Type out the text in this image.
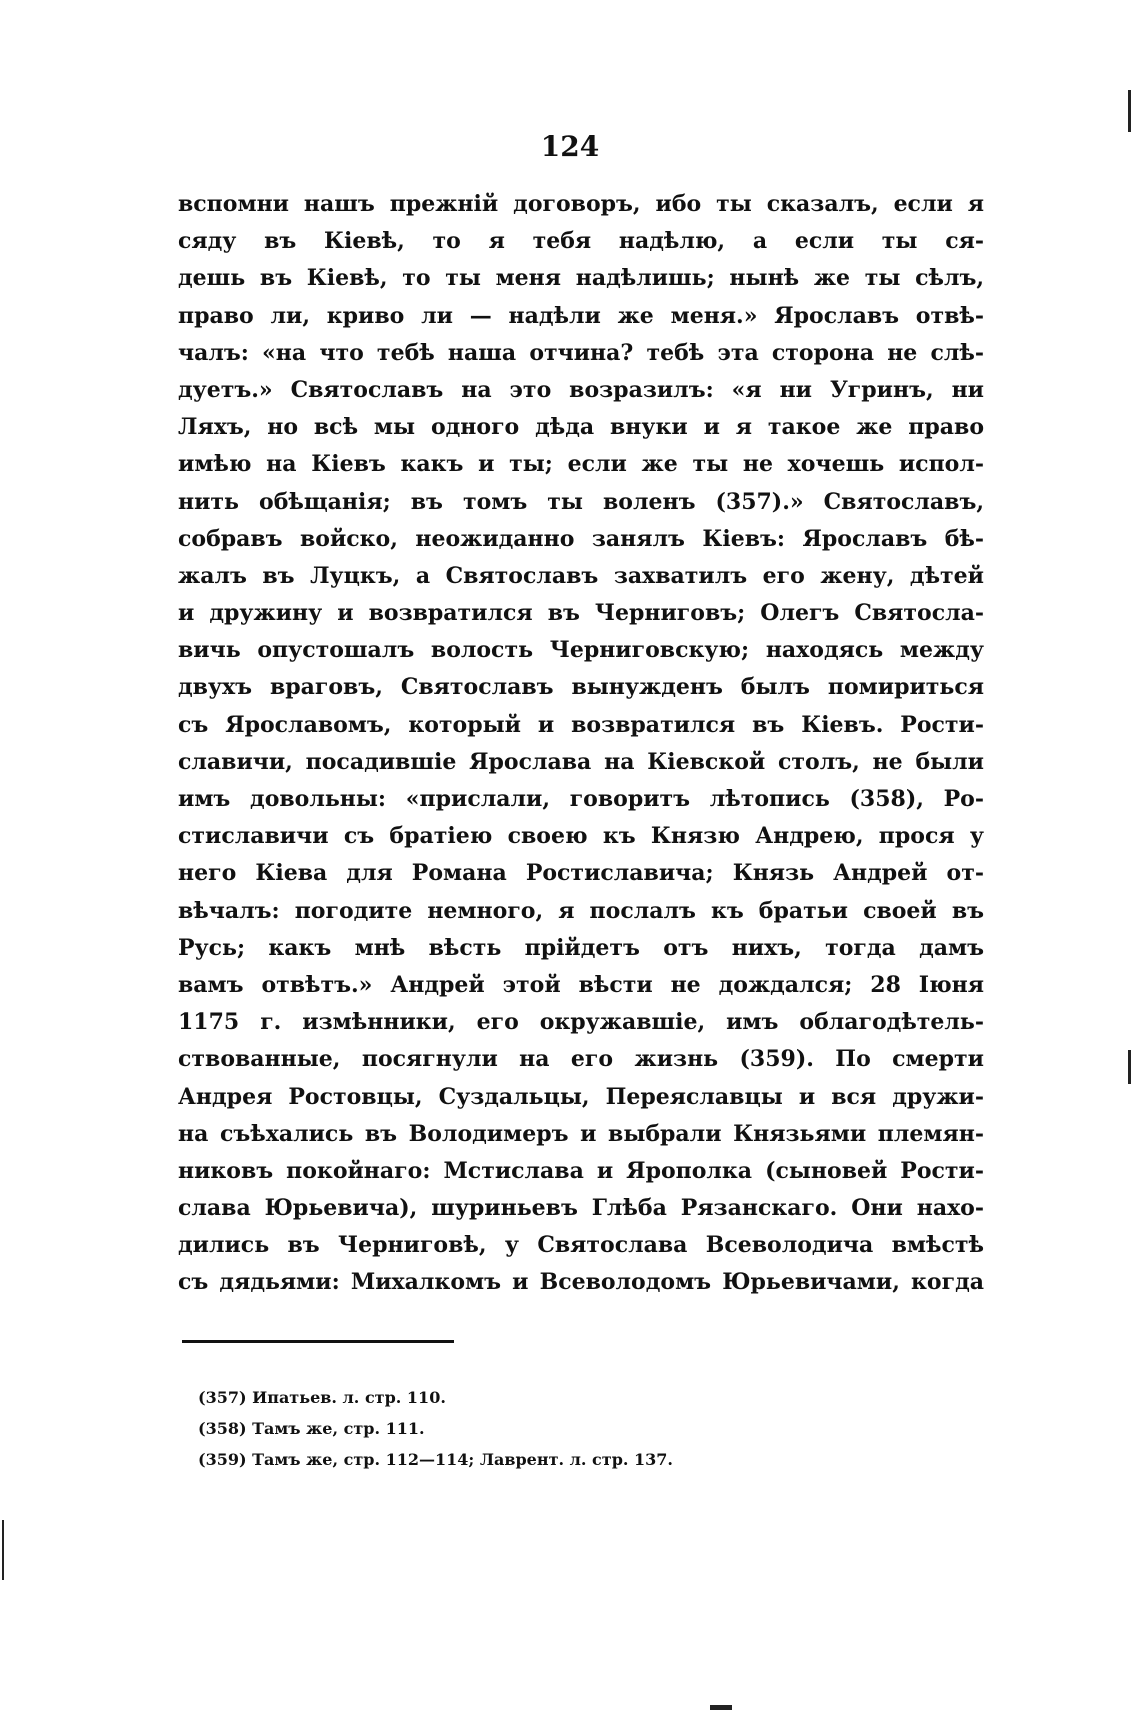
124
вспомни нашъ прежній договоръ, ибо ты сказалъ, если я
сяду въ Кіевѣ, то я тебя надѣлю, а если ты ся-
дешь въ Кіевѣ, то ты меня надѣлишь; нынѣ же ты сѣлъ,
право ли, криво ли — надѣли же меня.» Ярославъ отвѣ-
чалъ: «на что тебѣ наша отчина? тебѣ эта сторона не слѣ-
дуетъ.» Святославъ на это возразилъ: «я ни Угринъ, ни
Ляхъ, но всѣ мы одного дѣда внуки и я такое же право
имѣю на Кіевъ какъ и ты; если же ты не хочешь испол-
нить обѣщанія; въ томъ ты воленъ (357).» Святославъ,
собравъ войско, неожиданно занялъ Кіевъ: Ярославъ бѣ-
жалъ въ Луцкъ, а Святославъ захватилъ его жену, дѣтей
и дружину и возвратился въ Черниговъ; Олегъ Святосла-
вичь опустошалъ волость Черниговскую; находясь между
двухъ враговъ, Святославъ вынужденъ былъ помириться
съ Ярославомъ, который и возвратился въ Кіевъ. Рости-
славичи, посадившіе Ярослава на Кіевской столъ, не были
имъ довольны: «прислали, говоритъ лѣтопись (358), Ро-
стиславичи съ братіею своею къ Князю Андрею, прося у
него Кіева для Романа Ростиславича; Князь Андрей от-
вѣчалъ: погодите немного, я послалъ къ братьи своей въ
Русь; какъ мнѣ вѣсть прійдетъ отъ нихъ, тогда дамъ
вамъ отвѣтъ.» Андрей этой вѣсти не дождался; 28 Іюня
1175 г. измѣнники, его окружавшіе, имъ облагодѣтель-
ствованные, посягнули на его жизнь (359). По смерти
Андрея Ростовцы, Суздальцы, Переяславцы и вся дружи-
на съѣхались въ Володимеръ и выбрали Князьями племян-
никовъ покойнаго: Мстислава и Ярополка (сыновей Рости-
слава Юрьевича), шуриньевъ Глѣба Рязанскаго. Они нахо-
дились въ Черниговѣ, у Святослава Всеволодича вмѣстѣ
съ дядьями: Михалкомъ и Всеволодомъ Юрьевичами, когда
(357) Ипатьев. л. стр. 110.
(358) Тамъ же, стр. 111.
(359) Тамъ же, стр. 112—114; Лаврент. л. стр. 137.
